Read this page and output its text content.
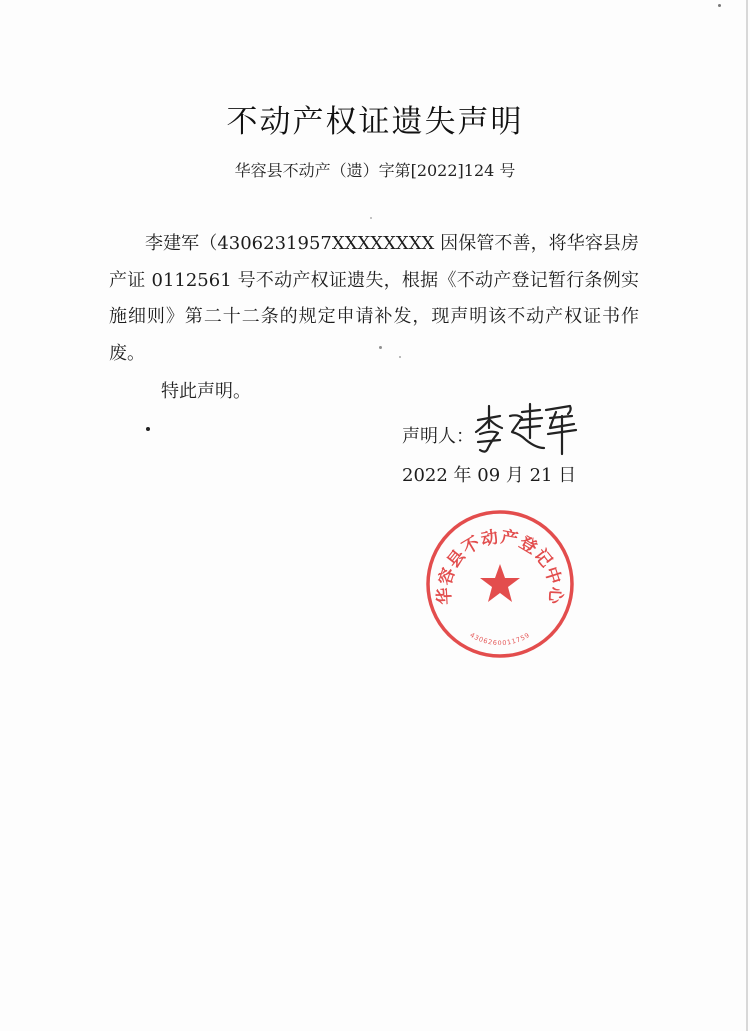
不动产权证遗失声明
华容县不动产（遗）字第[2022]124 号

李建军（4306231957XXXXXXXX 因保管不善，将华容县房产证 0112561 号不动产权证遗失，根据《不动产登记暂行条例实施细则》第二十二条的规定申请补发，现声明该不动产权证书作废。

特此声明。
声明人：
2022 年 09 月 21 日
华容县不动产登记中心
4306260011759
